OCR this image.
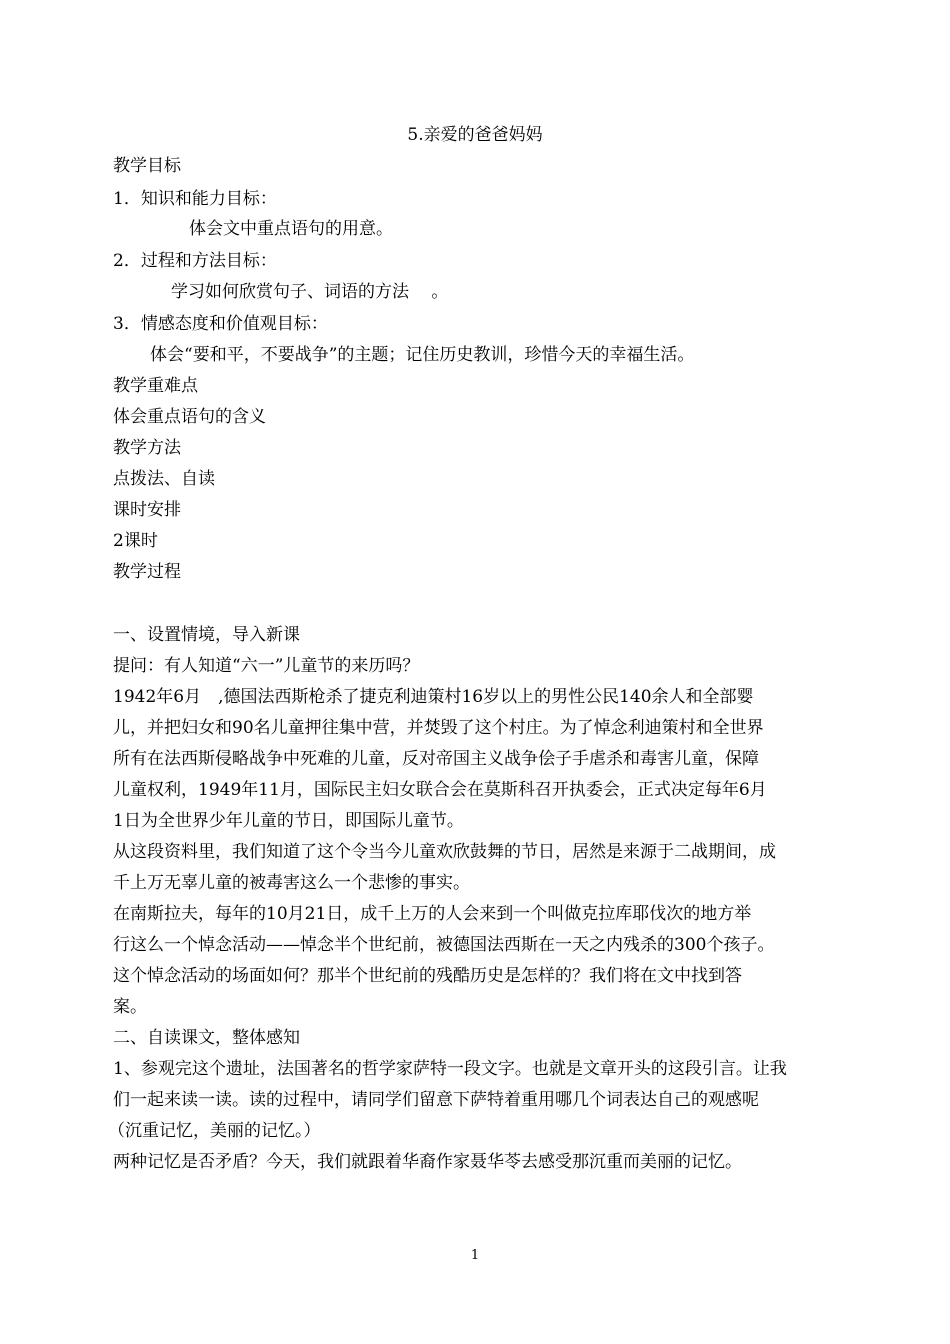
5.亲爱的爸爸妈妈
教学目标
1．知识和能力目标：
体会文中重点语句的用意。
2．过程和方法目标：
学习如何欣赏句子、词语的方法　 。
3．情感态度和价值观目标：
体会“要和平，不要战争”的主题；记住历史教训，珍惜今天的幸福生活。
教学重难点
体会重点语句的含义
教学方法
点拨法、自读
课时安排
2课时
教学过程
一、设置情境，导入新课
提问：有人知道“六一”儿童节的来历吗？
1942年6月　,德国法西斯枪杀了捷克利迪策村16岁以上的男性公民140余人和全部婴
儿，并把妇女和90名儿童押往集中营，并焚毁了这个村庄。为了悼念利迪策村和全世界
所有在法西斯侵略战争中死难的儿童，反对帝国主义战争侩子手虐杀和毒害儿童，保障
儿童权利，1949年11月，国际民主妇女联合会在莫斯科召开执委会，正式决定每年6月
1日为全世界少年儿童的节日，即国际儿童节。
从这段资料里，我们知道了这个令当今儿童欢欣鼓舞的节日，居然是来源于二战期间，成
千上万无辜儿童的被毒害这么一个悲惨的事实。
在南斯拉夫，每年的10月21日，成千上万的人会来到一个叫做克拉库耶伐次的地方举
行这么一个悼念活动——悼念半个世纪前，被德国法西斯在一天之内残杀的300个孩子。
这个悼念活动的场面如何？那半个世纪前的残酷历史是怎样的？我们将在文中找到答
案。
二、自读课文，整体感知
1、参观完这个遗址，法国著名的哲学家萨特一段文字。也就是文章开头的这段引言。让我
们一起来读一读。读的过程中，请同学们留意下萨特着重用哪几个词表达自己的观感呢
（沉重记忆，美丽的记忆。）
两种记忆是否矛盾？今天，我们就跟着华裔作家聂华苓去感受那沉重而美丽的记忆。
1
